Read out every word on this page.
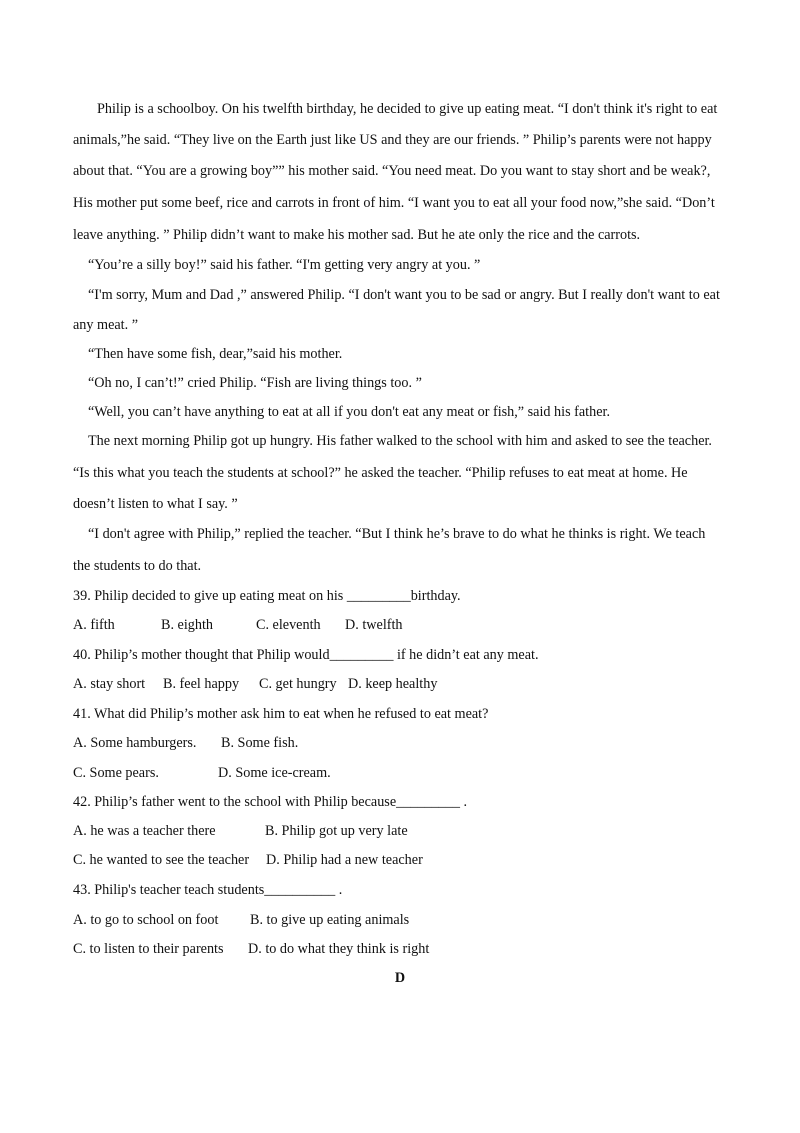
Philip is a schoolboy. On his twelfth birthday, he decided to give up eating meat. “I don't think it's right to eat
animals,”he said. “They live on the Earth just like US and they are our friends. ” Philip’s parents were not happy
about that. “You are a growing boy”” his mother said. “You need meat. Do you want to stay short and be weak?,
His mother put some beef, rice and carrots in front of him. “I want you to eat all your food now,”she said. “Don’t
leave anything. ” Philip didn’t want to make his mother sad. But he ate only the rice and the carrots.
“You’re a silly boy!” said his father. “I'm getting very angry at you. ”
“I'm sorry, Mum and Dad ,” answered Philip. “I don't want you to be sad or angry. But I really don't want to eat
any meat. ”
“Then have some fish, dear,”said his mother.
“Oh no, I can’t!” cried Philip. “Fish are living things too. ”
“Well, you can’t have anything to eat at all if you don't eat any meat or fish,” said his father.
The next morning Philip got up hungry. His father walked to the school with him and asked to see the teacher.
“Is this what you teach the students at school?” he asked the teacher. “Philip refuses to eat meat at home. He
doesn’t listen to what I say. ”
“I don't agree with Philip,” replied the teacher. “But I think he’s brave to do what he thinks is right. We teach
the students to do that.
39. Philip decided to give up eating meat on his _________birthday.
A. fifth	B. eighth	C. eleventh D. twelfth
40. Philip’s mother thought that Philip would_________ if he didn’t eat any meat.
A. stay short B. feel happy C. get hungry D. keep healthy
41. What did Philip’s mother ask him to eat when he refused to eat meat?
A. Some hamburgers. B. Some fish.
C. Some pears.	D. Some ice-cream.
42. Philip’s father went to the school with Philip because_________ .
A. he was a teacher there	B. Philip got up very late
C. he wanted to see the teacher D. Philip had a new teacher
43. Philip's teacher teach students__________ .
A. to go to school on foot B. to give up eating animals
C. to listen to their parents D. to do what they think is right
D
